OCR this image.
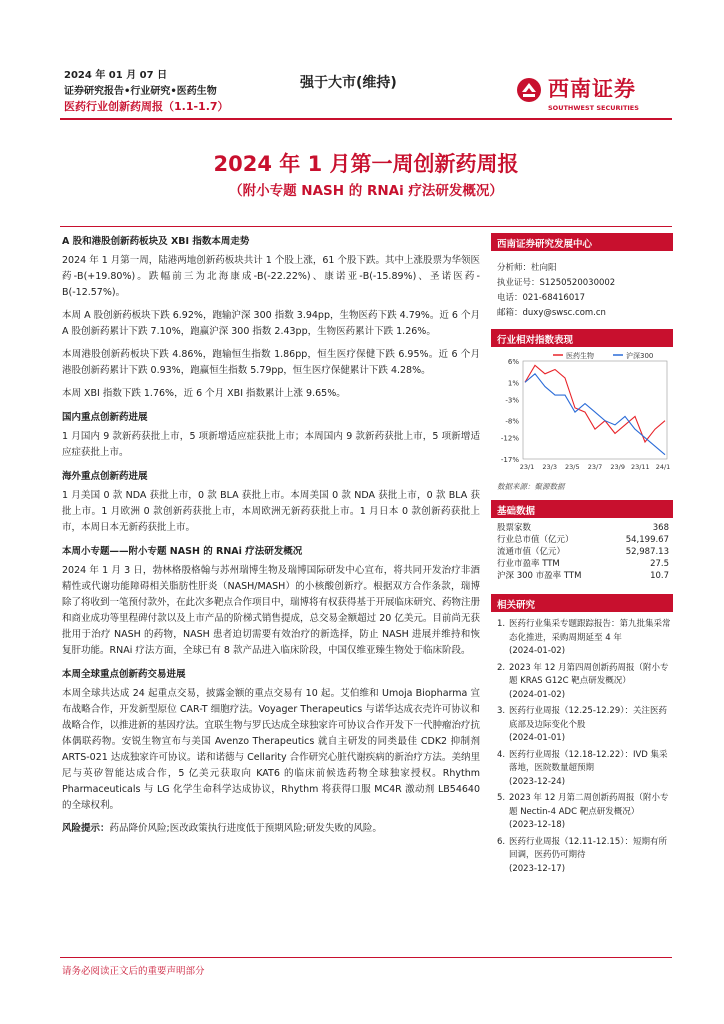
2024 年 01 月 07 日
证券研究报告•行业研究•医药生物
医药行业创新药周报（1.1-1.7）
强于大市(维持)	西南证券
SOUTHWEST SECURITIES
2024 年 1 月第一周创新药周报
（附小专题 NASH 的 RNAi 疗法研发概况）
A 股和港股创新药板块及 XBI 指数本周走势
2024 年 1 月第一周，陆港两地创新药板块共计 1 个股上涨，61 个股下跌。其中上涨股票为华领医药-B(+19.80%)。跌幅前三为北海康成-B(-22.22%)、康诺亚-B(-15.89%)、圣诺医药-B(-12.57%)。
本周 A 股创新药板块下跌 6.92%，跑输沪深 300 指数 3.94pp，生物医药下跌 4.79%。近 6 个月 A 股创新药累计下跌 7.10%，跑赢沪深 300 指数 2.43pp，生物医药累计下跌 1.26%。
本周港股创新药板块下跌 4.86%，跑输恒生指数 1.86pp，恒生医疗保健下跌 6.95%。近 6 个月港股创新药累计下跌 0.93%，跑赢恒生指数 5.79pp，恒生医疗保健累计下跌 4.28%。
本周 XBI 指数下跌 1.76%，近 6 个月 XBI 指数累计上涨 9.65%。
国内重点创新药进展
1 月国内 9 款新药获批上市，5 项新增适应症获批上市；本周国内 9 款新药获批上市，5 项新增适应症获批上市。
海外重点创新药进展
1 月美国 0 款 NDA 获批上市，0 款 BLA 获批上市。本周美国 0 款 NDA 获批上市，0 款 BLA 获批上市。1 月欧洲 0 款创新药获批上市，本周欧洲无新药获批上市。1 月日本 0 款创新药获批上市，本周日本无新药获批上市。
本周小专题——附小专题 NASH 的 RNAi 疗法研发概况
2024 年 1 月 3 日，勃林格殷格翰与苏州瑞博生物及瑞博国际研发中心宣布，将共同开发治疗非酒精性或代谢功能障碍相关脂肪性肝炎（NASH/MASH）的小核酸创新疗。根据双方合作条款，瑞博除了将收到一笔预付款外，在此次多靶点合作项目中，瑞博将有权获得基于开展临床研究、药物注册和商业成功等里程碑付款以及上市产品的阶梯式销售提成，总交易金额超过 20 亿美元。目前尚无获批用于治疗 NASH 的药物，NASH 患者迫切需要有效治疗的新选择，防止 NASH 进展并维持和恢复肝功能。RNAi 疗法方面，全球已有 8 款产品进入临床阶段，中国仅维亚臻生物处于临床阶段。
本周全球重点创新药交易进展
本周全球共达成 24 起重点交易，披露金额的重点交易有 10 起。艾伯维和 Umoja Biopharma 宣布战略合作，开发新型原位 CAR-T 细胞疗法。Voyager Therapeutics 与诺华达成衣壳许可协议和战略合作，以推进新的基因疗法。宜联生物与罗氏达成全球独家许可协议合作开发下一代肿瘤治疗抗体偶联药物。安锐生物宣布与美国 Avenzo Therapeutics 就自主研发的同类最佳 CDK2 抑制剂 ARTS-021 达成独家许可协议。诺和诺德与 Cellarity 合作研究心脏代谢疾病的新治疗方法。美纳里尼与英矽智能达成合作，5 亿美元获取向 KAT6 的临床前候选药物全球独家授权。Rhythm Pharmaceuticals 与 LG 化学生命科学达成协议，Rhythm 将获得口服 MC4R 激动剂 LB54640 的全球权利。
风险提示：药品降价风险;医改政策执行进度低于预期风险;研发失败的风险。
西南证券研究发展中心
分析师：杜向阳
执业证号：S1250520030002
电话：021-68416017
邮箱：duxy@swsc.com.cn
行业相对指数表现
6%
1%
-3%
-8%
-12%
-17%
23/1 23/3 23/5 23/7 23/9 23/11 24/1
医药生物	沪深300
数据来源：聚源数据
基础数据
股票家数	368
行业总市值（亿元）	54,199.67
流通市值（亿元）	52,987.13
行业市盈率 TTM	27.5
沪深 300 市盈率 TTM	10.7
相关研究
1. 医药行业集采专题跟踪报告：第九批集采常态化推进，采购周期延至 4 年
(2024-01-02)
2. 2023 年 12 月第四周创新药周报（附小专题 KRAS G12C 靶点研发概况）
(2024-01-02)
3. 医药行业周报（12.25-12.29）：关注医药底部及边际变化个股
(2024-01-01)
4. 医药行业周报（12.18-12.22）：IVD 集采落地，医院数量超预期
(2023-12-24)
5. 2023 年 12 月第二周创新药周报（附小专题 Nectin-4 ADC 靶点研发概况）
(2023-12-18)
6. 医药行业周报（12.11-12.15）：短期有所回调，医药仍可期待
(2023-12-17)
请务必阅读正文后的重要声明部分
